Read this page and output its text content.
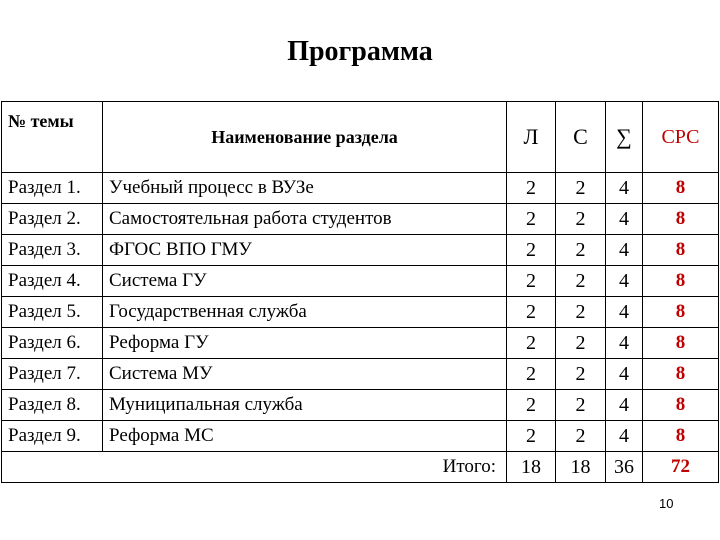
Программа
№ темы	Наименование раздела	Л	С	∑	СРС
Раздел 1.	Учебный процесс в ВУЗе	2	2	4	8
Раздел 2.	Самостоятельная работа студентов	2	2	4	8
Раздел 3.	ФГОС ВПО ГМУ	2	2	4	8
Раздел 4.	Система ГУ	2	2	4	8
Раздел 5.	Государственная служба	2	2	4	8
Раздел 6.	Реформа ГУ	2	2	4	8
Раздел 7.	Система МУ	2	2	4	8
Раздел 8.	Муниципальная служба	2	2	4	8
Раздел 9.	Реформа МС	2	2	4	8
	Итого:	18	18	36	72
10
